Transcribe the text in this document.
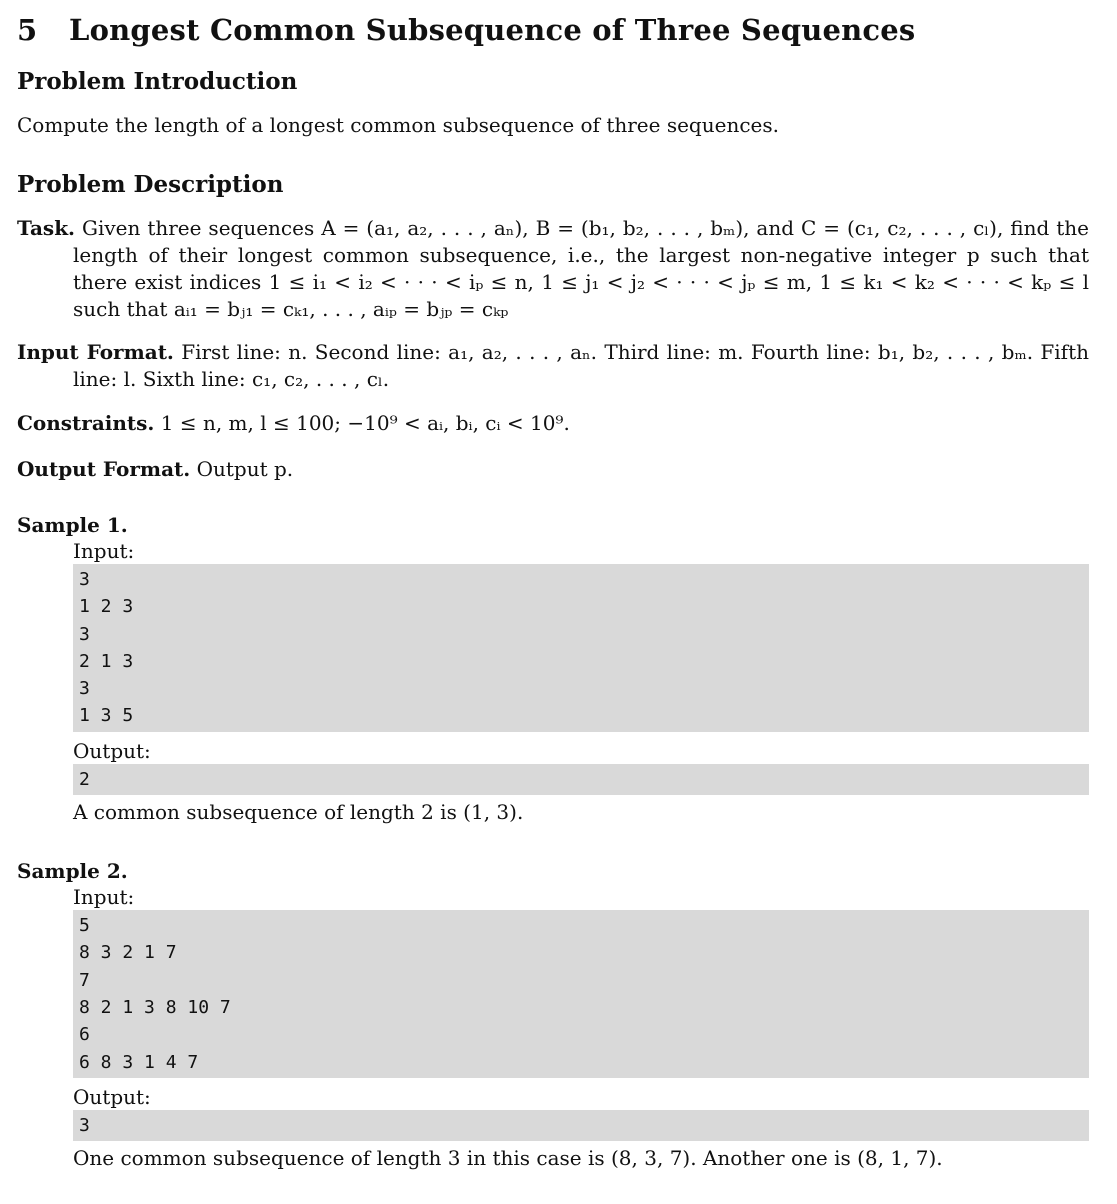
5 Longest Common Subsequence of Three Sequences
Problem Introduction

Compute the length of a longest common subsequence of three sequences.

Problem Description

Task. Given three sequences A = (a₁, a₂, . . . , aₙ), B = (b₁, b₂, . . . , bₘ), and C = (c₁, c₂, . . . , cₗ), find the length of their longest common subsequence, i.e., the largest non-negative integer p such that there exist indices 1 ≤ i₁ < i₂ < · · · < iₚ ≤ n, 1 ≤ j₁ < j₂ < · · · < jₚ ≤ m, 1 ≤ k₁ < k₂ < · · · < kₚ ≤ l such that aᵢ₁ = bⱼ₁ = cₖ₁, . . . , aᵢₚ = bⱼₚ = cₖₚ

Input Format. First line: n. Second line: a₁, a₂, . . . , aₙ. Third line: m. Fourth line: b₁, b₂, . . . , bₘ. Fifth line: l. Sixth line: c₁, c₂, . . . , cₗ.

Constraints. 1 ≤ n, m, l ≤ 100; −10⁹ < aᵢ, bᵢ, cᵢ < 10⁹.

Output Format. Output p.

Sample 1.
Input:
3
1 2 3
3
2 1 3
3
1 3 5
Output:
2
A common subsequence of length 2 is (1, 3).
Sample 2.
Input:
5
8 3 2 1 7
7
8 2 1 3 8 10 7
6
6 8 3 1 4 7
Output:
3
One common subsequence of length 3 in this case is (8, 3, 7). Another one is (8, 1, 7).
